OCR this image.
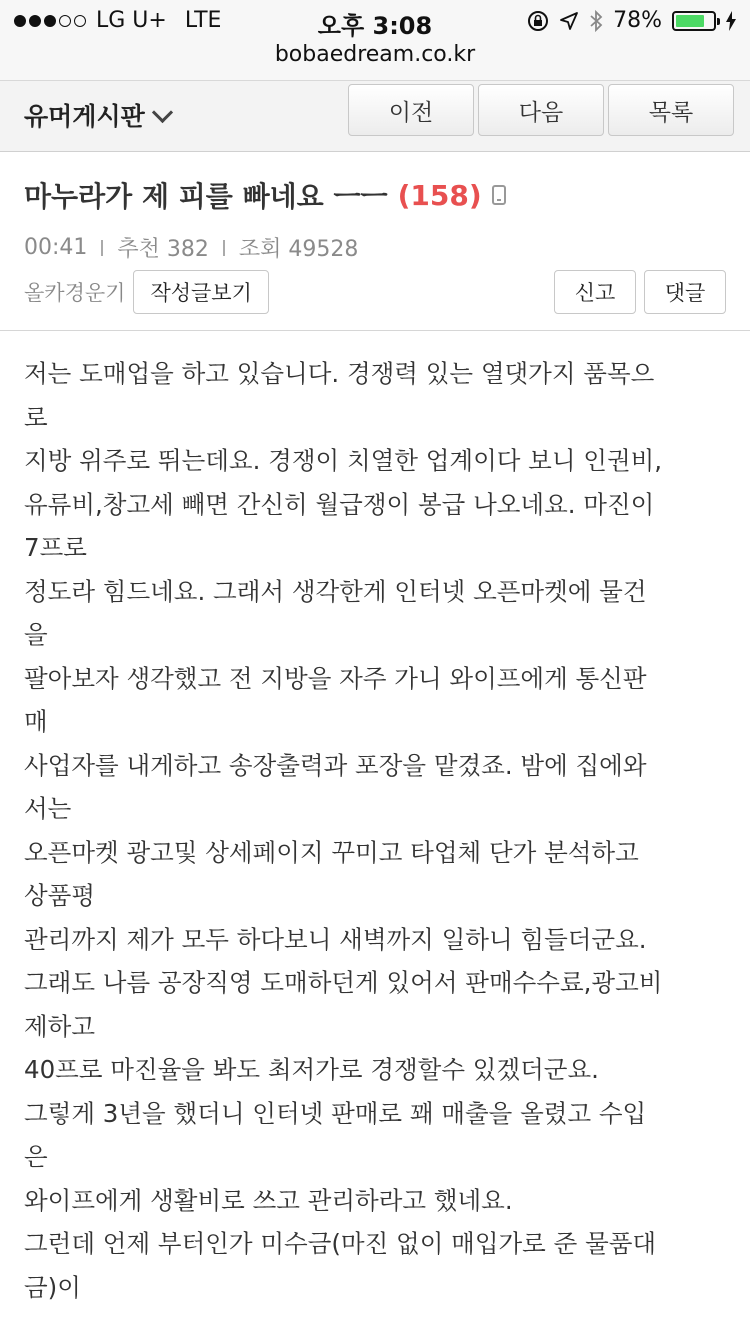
LG U+ LTE	오후 3:08	78%
bobaedream.co.kr
유머게시판	이전	다음	목록
마누라가 제 피를 빠네요 ㅡㅡ (158)
00:41 추천 382 조회 49528
올카경운기	작성글보기	신고	댓글

저는 도매업을 하고 있습니다. 경쟁력 있는 열댓가지 품목으

로

지방 위주로 뛰는데요. 경쟁이 치열한 업계이다 보니 인권비,

유류비,창고세 빼면 간신히 월급쟁이 봉급 나오네요. 마진이

7프로

정도라 힘드네요. 그래서 생각한게 인터넷 오픈마켓에 물건

을

팔아보자 생각했고 전 지방을 자주 가니 와이프에게 통신판

매

사업자를 내게하고 송장출력과 포장을 맡겼죠. 밤에 집에와

서는

오픈마켓 광고및 상세페이지 꾸미고 타업체 단가 분석하고

상품평

관리까지 제가 모두 하다보니 새벽까지 일하니 힘들더군요.

그래도 나름 공장직영 도매하던게 있어서 판매수수료,광고비

제하고

40프로 마진율을 봐도 최저가로 경쟁할수 있겠더군요.

그렇게 3년을 했더니 인터넷 판매로 꽤 매출을 올렸고 수입

은

와이프에게 생활비로 쓰고 관리하라고 했네요.

그런데 언제 부터인가 미수금(마진 없이 매입가로 준 물품대

금)이
